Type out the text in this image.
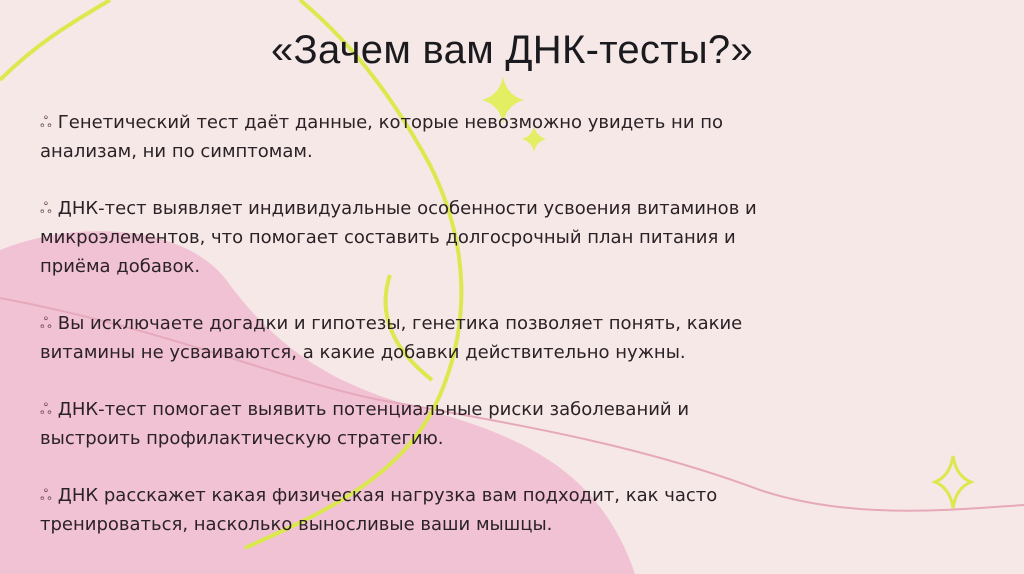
«Зачем вам ДНК-тесты?»

ஃ Генетический тест даёт данные, которые невозможно увидеть ни по анализам, ни по симптомам.

ஃ ДНК-тест выявляет индивидуальные особенности усвоения витаминов и микроэлементов, что помогает составить долгосрочный план питания и приёма добавок.

ஃ Вы исключаете догадки и гипотезы, генетика позволяет понять, какие витамины не усваиваются, а какие добавки действительно нужны.

ஃ ДНК-тест помогает выявить потенциальные риски заболеваний и выстроить профилактическую стратегию.

ஃ ДНК расскажет какая физическая нагрузка вам подходит, как часто тренироваться, насколько выносливые ваши мышцы.
